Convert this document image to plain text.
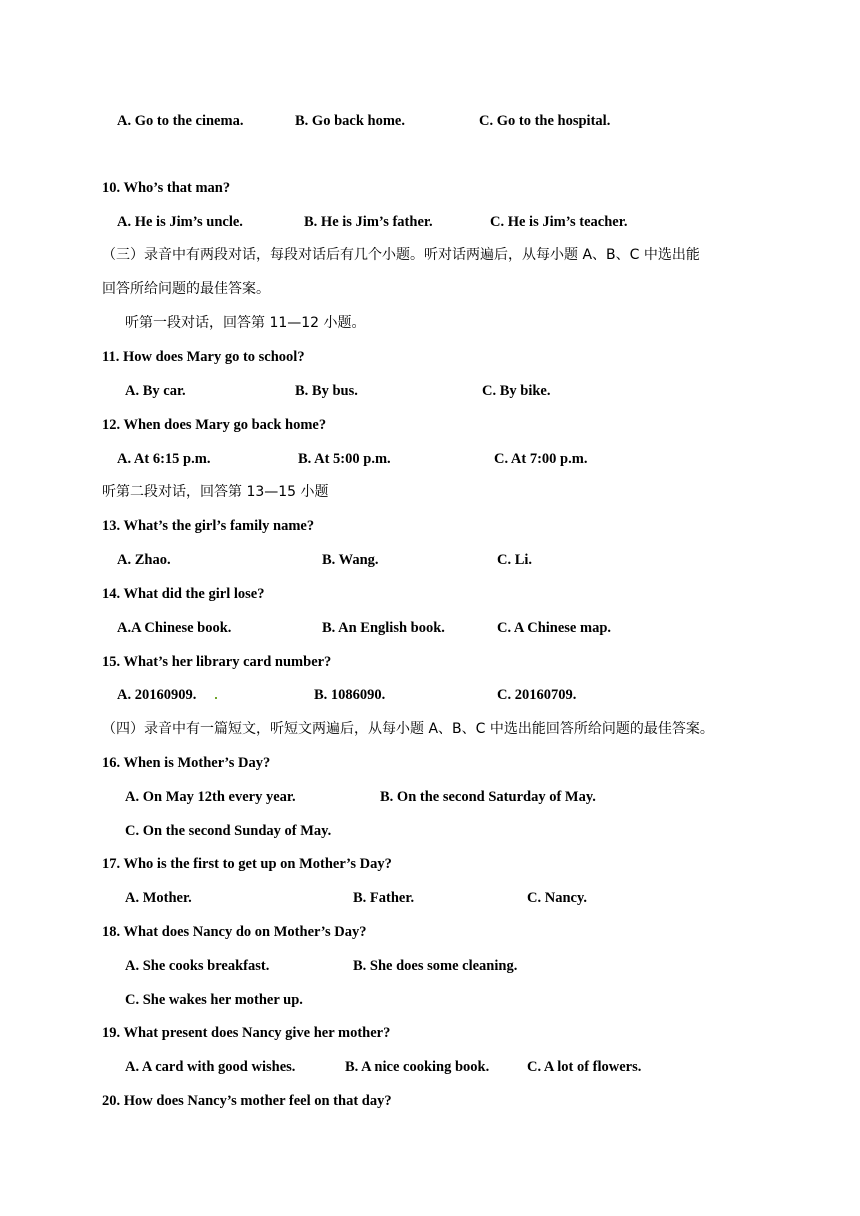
A. Go to the cinema.	B. Go back home.	C. Go to the hospital.
10. Who’s that man?
A. He is Jim’s uncle.	B. He is Jim’s father.	C. He is Jim’s teacher.
（三）录音中有两段对话，每段对话后有几个小题。听对话两遍后，从每小题 A、B、C 中选出能
回答所给问题的最佳答案。
听第一段对话，回答第 11—12 小题。
11. How does Mary go to school?
A. By car.	B. By bus.	C. By bike.
12. When does Mary go back home?
A. At 6:15 p.m.	B. At 5:00 p.m.	C. At 7:00 p.m.
听第二段对话，回答第 13—15 小题
13. What’s the girl’s family name?
A. Zhao.	B. Wang.	C. Li.
14. What did the girl lose?
A.A Chinese book.	B. An English book.	C. A Chinese map.
15. What’s her library card number?
A. 20160909.	B. 1086090.	C. 20160709.
（四）录音中有一篇短文，听短文两遍后，从每小题 A、B、C 中选出能回答所给问题的最佳答案。
16. When is Mother’s Day?
A. On May 12th every year.	B. On the second Saturday of May.
C. On the second Sunday of May.
17. Who is the first to get up on Mother’s Day?
A. Mother.	B. Father.	C. Nancy.
18. What does Nancy do on Mother’s Day?
A. She cooks breakfast.	B. She does some cleaning.
C. She wakes her mother up.
19. What present does Nancy give her mother?
A. A card with good wishes.	B. A nice cooking book.	C. A lot of flowers.
20. How does Nancy’s mother feel on that day?
